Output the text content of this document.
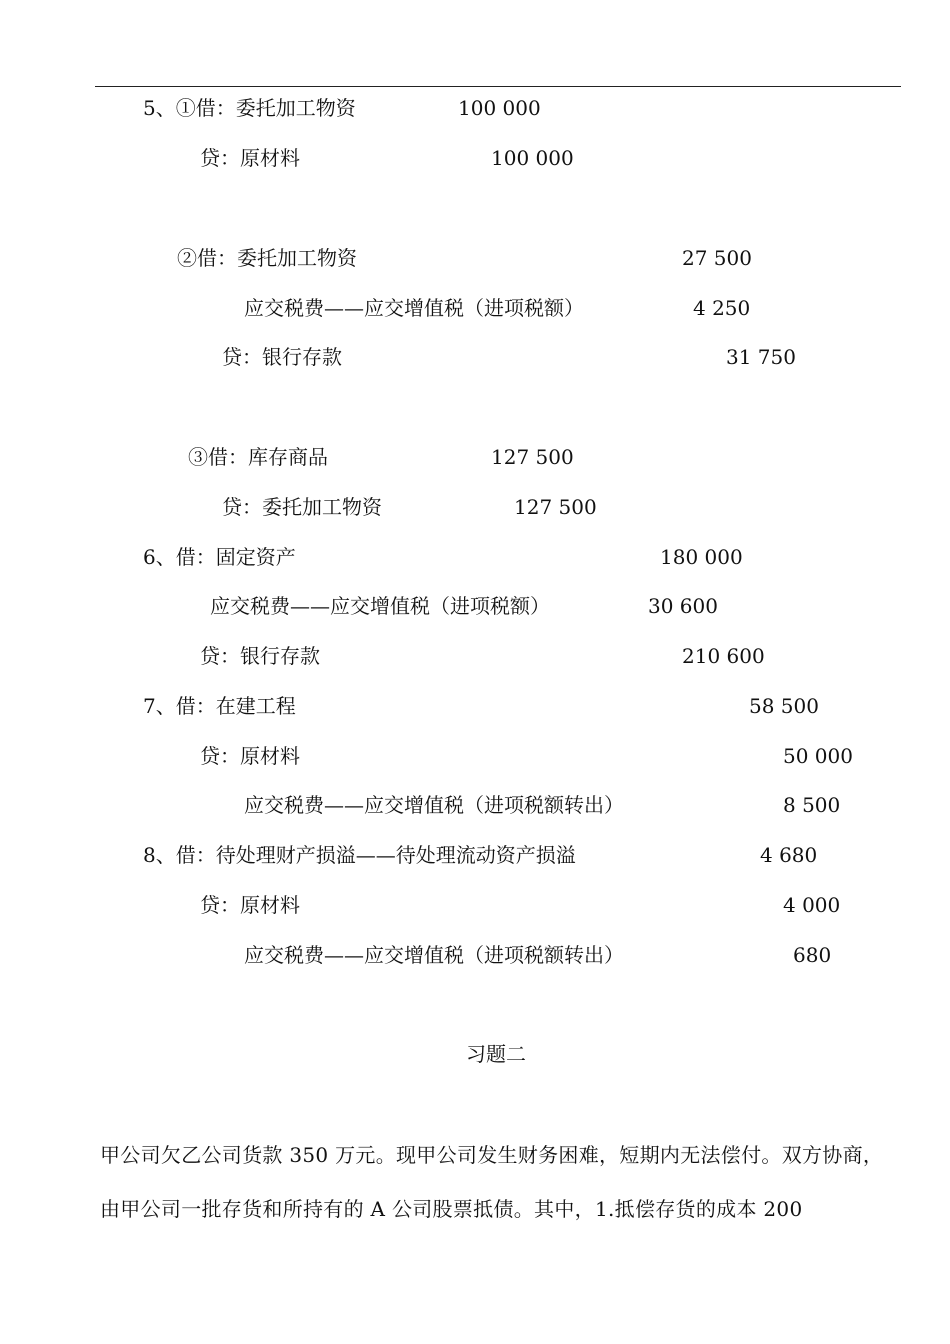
5、①借：委托加工物资	100 000
贷：原材料	100 000
②借：委托加工物资	27 500
应交税费——应交增值税（进项税额）	4 250
贷：银行存款	31 750
③借：库存商品	127 500
贷：委托加工物资	127 500
6、借：固定资产	180 000
应交税费——应交增值税（进项税额）	30 600
贷：银行存款	210 600
7、借：在建工程	58 500
贷：原材料	50 000
应交税费——应交增值税（进项税额转出）	8 500
8、借：待处理财产损溢——待处理流动资产损溢	4 680
贷：原材料	4 000
应交税费——应交增值税（进项税额转出）	680
习题二
甲公司欠乙公司货款 350 万元。现甲公司发生财务困难，短期内无法偿付。双方协商，由甲公司一批存货和所持有的 A 公司股票抵债。其中，1.抵偿存货的成本 200
